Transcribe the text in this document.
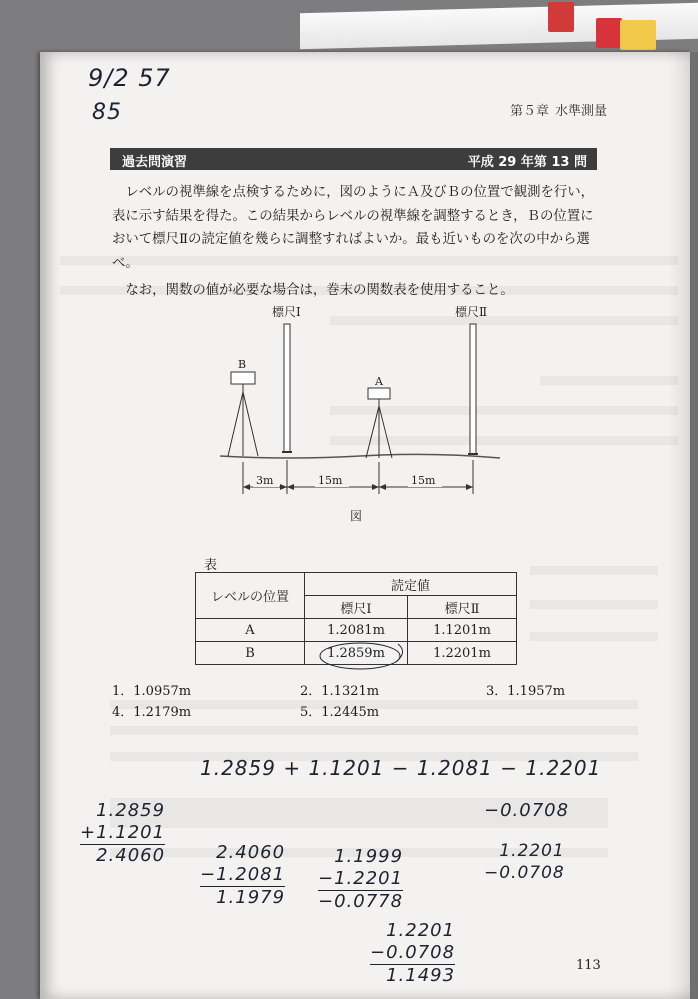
9/2 57
85	第５章 水準測量
過去問演習	平成 29 年第 13 問
　レベルの視準線を点検するために，図のようにＡ及びＢの位置で観測を行い，
表に示す結果を得た。この結果からレベルの視準線を調整するとき，Ｂの位置に
おいて標尺Ⅱの読定値を幾らに調整すればよいか。最も近いものを次の中から選
べ。
　なお，関数の値が必要な場合は，巻末の関数表を使用すること。
標尺Ⅰ	標尺Ⅱ
B
A
3m	15m	15m
図
表
レベルの位置	読定値	
	標尺Ⅰ	標尺Ⅱ
A	1.2081m	1.1201m
B	1.2859m	1.2201m
1．1.0957m	2．1.1321m	3．1.1957m
4．1.2179m	5．1.2445m
1.2859 + 1.1201 − 1.2081 − 1.2201
1.2859
+1.1201
2.4060	2.4060
−1.2081
1.1979
1.1999
−1.2201
−0.0778
−0.0708
1.2201
−0.0708
1.2201
−0.0708
1.1493	113
